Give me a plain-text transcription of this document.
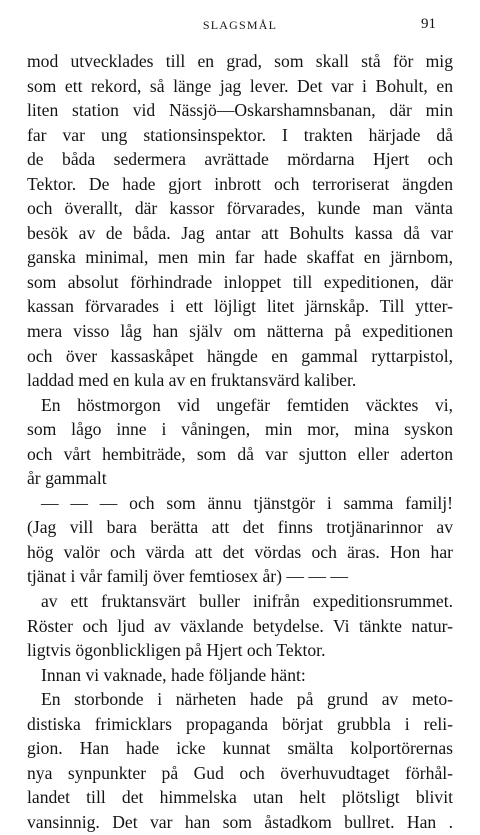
SLAGSMÅL	91
mod utvecklades till en grad, som skall stå för mig
som ett rekord, så länge jag lever. Det var i Bohult, en
liten station vid Nässjö—Oskarshamnsbanan, där min
far var ung stationsinspektor. I trakten härjade då
de båda sedermera avrättade mördarna Hjert och
Tektor. De hade gjort inbrott och terroriserat ängden
och överallt, där kassor förvarades, kunde man vänta
besök av de båda. Jag antar att Bohults kassa då var
ganska minimal, men min far hade skaffat en järnbom,
som absolut förhindrade inloppet till expeditionen, där
kassan förvarades i ett löjligt litet järnskåp. Till ytter-
mera visso låg han själv om nätterna på expeditionen
och över kassaskåpet hängde en gammal ryttarpistol,
laddad med en kula av en fruktansvärd kaliber.
En höstmorgon vid ungefär femtiden väcktes vi,
som lågo inne i våningen, min mor, mina syskon
och vårt hembiträde, som då var sjutton eller aderton
år gammalt
— — — och som ännu tjänstgör i samma familj!
(Jag vill bara berätta att det finns trotjänarinnor av
hög valör och värda att det vördas och äras. Hon har
tjänat i vår familj över femtiosex år) — — —
av ett fruktansvärt buller inifrån expeditionsrummet.
Röster och ljud av växlande betydelse. Vi tänkte natur-
ligtvis ögonblickligen på Hjert och Tektor.
Innan vi vaknade, hade följande hänt:
En storbonde i närheten hade på grund av meto-
distiska frimicklars propaganda börjat grubbla i reli-
gion. Han hade icke kunnat smälta kolportörernas
nya synpunkter på Gud och överhuvudtaget förhål-
landet till det himmelska utan helt plötsligt blivit
vansinnig. Det var han som åstadkom bullret. Han .
